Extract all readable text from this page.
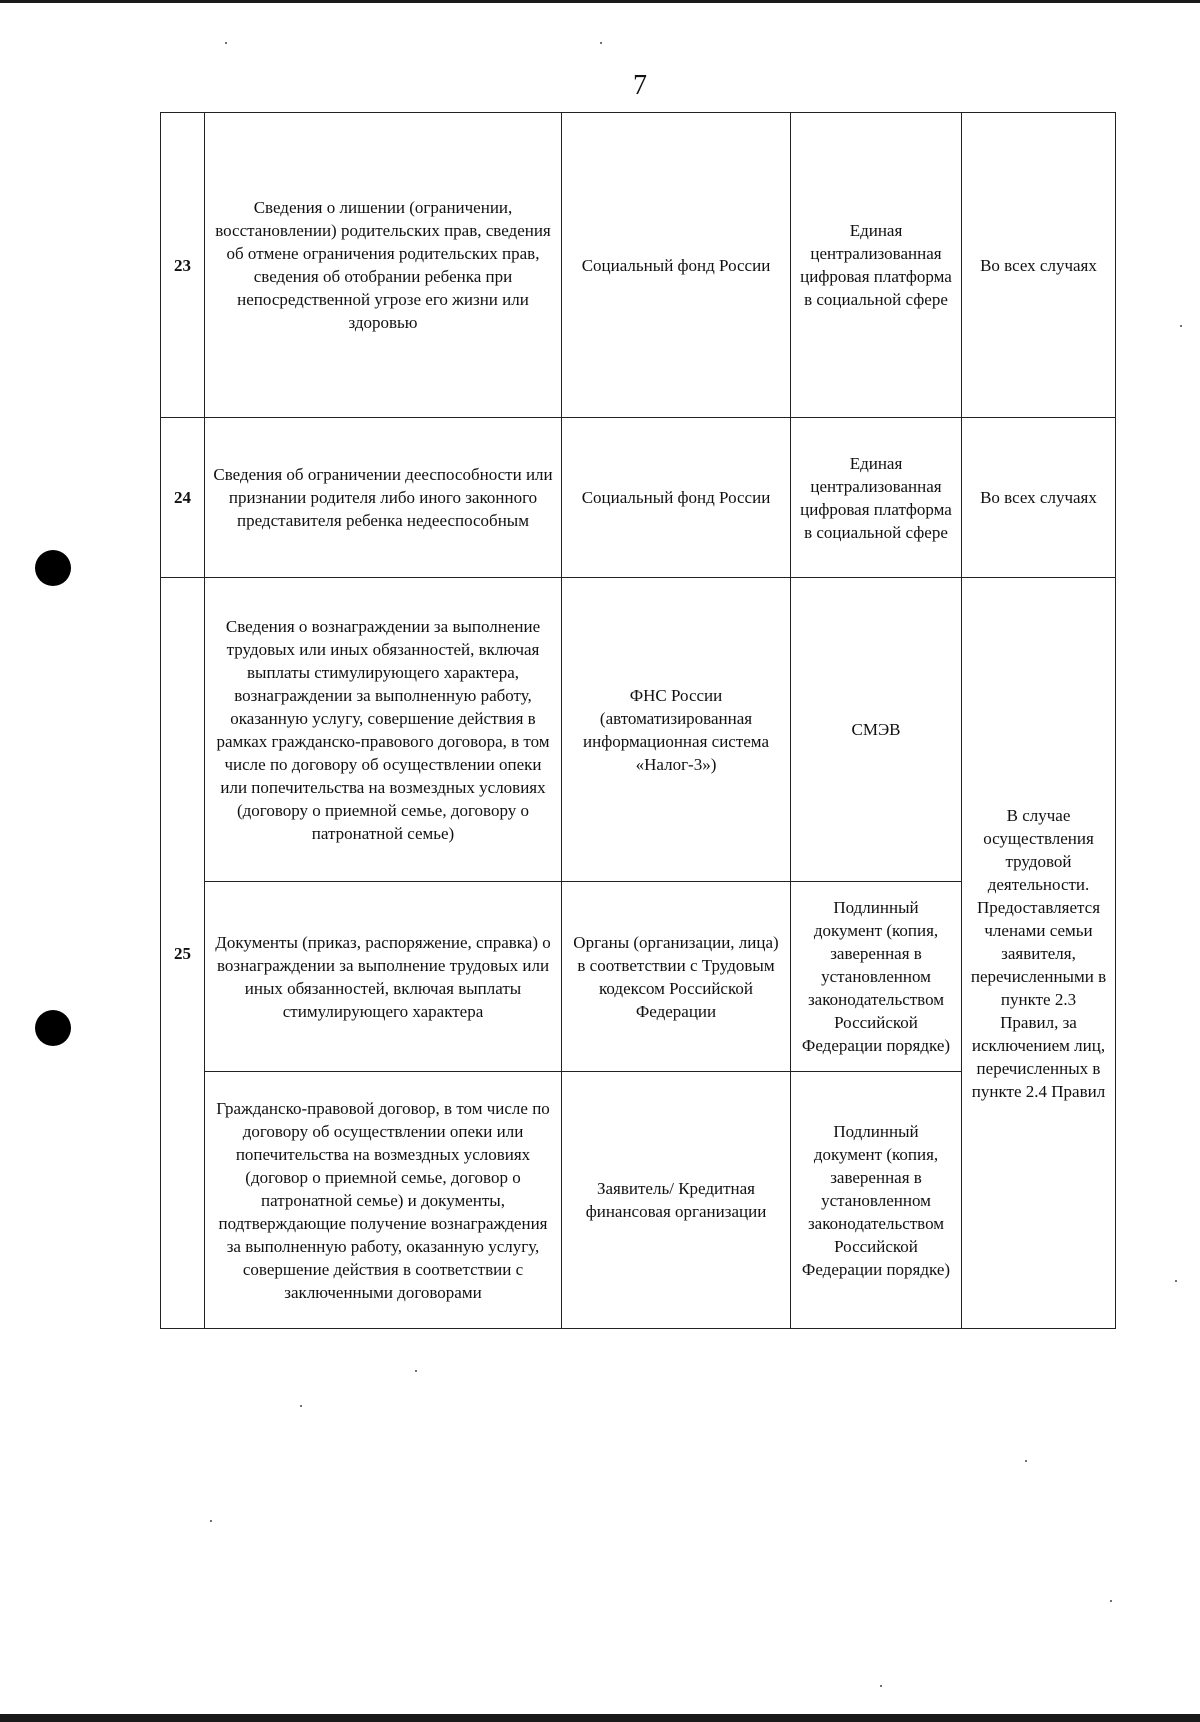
7
23	Сведения о лишении (ограничении, восстановлении) родительских прав, сведения об отмене ограничения родительских прав, сведения об отобрании ребенка при непосредственной угрозе его жизни или здоровью	Социальный фонд России	Единая централизованная цифровая платформа в социальной сфере	Во всех случаях
24	Сведения об ограничении дееспособности или признании родителя либо иного законного представителя ребенка недееспособным	Социальный фонд России	Единая централизованная цифровая платформа в социальной сфере	Во всех случаях
25	Сведения о вознаграждении за выполнение трудовых или иных обязанностей, включая выплаты стимулирующего характера, вознаграждении за выполненную работу, оказанную услугу, совершение действия в рамках гражданско-правового договора, в том числе по договору об осуществлении опеки или попечительства на возмездных условиях (договору о приемной семье, договору о патронатной семье)	ФНС России (автоматизированная информационная система «Налог-3»)	СМЭВ	В случае осуществления трудовой деятельности. Предоставляется членами семьи заявителя, перечисленными в пункте 2.3 Правил, за исключением лиц, перечисленных в пункте 2.4 Правил
	Документы (приказ, распоряжение, справка) о вознаграждении за выполнение трудовых или иных обязанностей, включая выплаты стимулирующего характера	Органы (организации, лица) в соответствии с Трудовым кодексом Российской Федерации	Подлинный документ (копия, заверенная в установленном законодательством Российской Федерации порядке)	
	Гражданско-правовой договор, в том числе по договору об осуществлении опеки или попечительства на возмездных условиях (договор о приемной семье, договор о патронатной семье) и документы, подтверждающие получение вознаграждения за выполненную работу, оказанную услугу, совершение действия в соответствии с заключенными договорами	Заявитель/ Кредитная финансовая организации	Подлинный документ (копия, заверенная в установленном законодательством Российской Федерации порядке)	
